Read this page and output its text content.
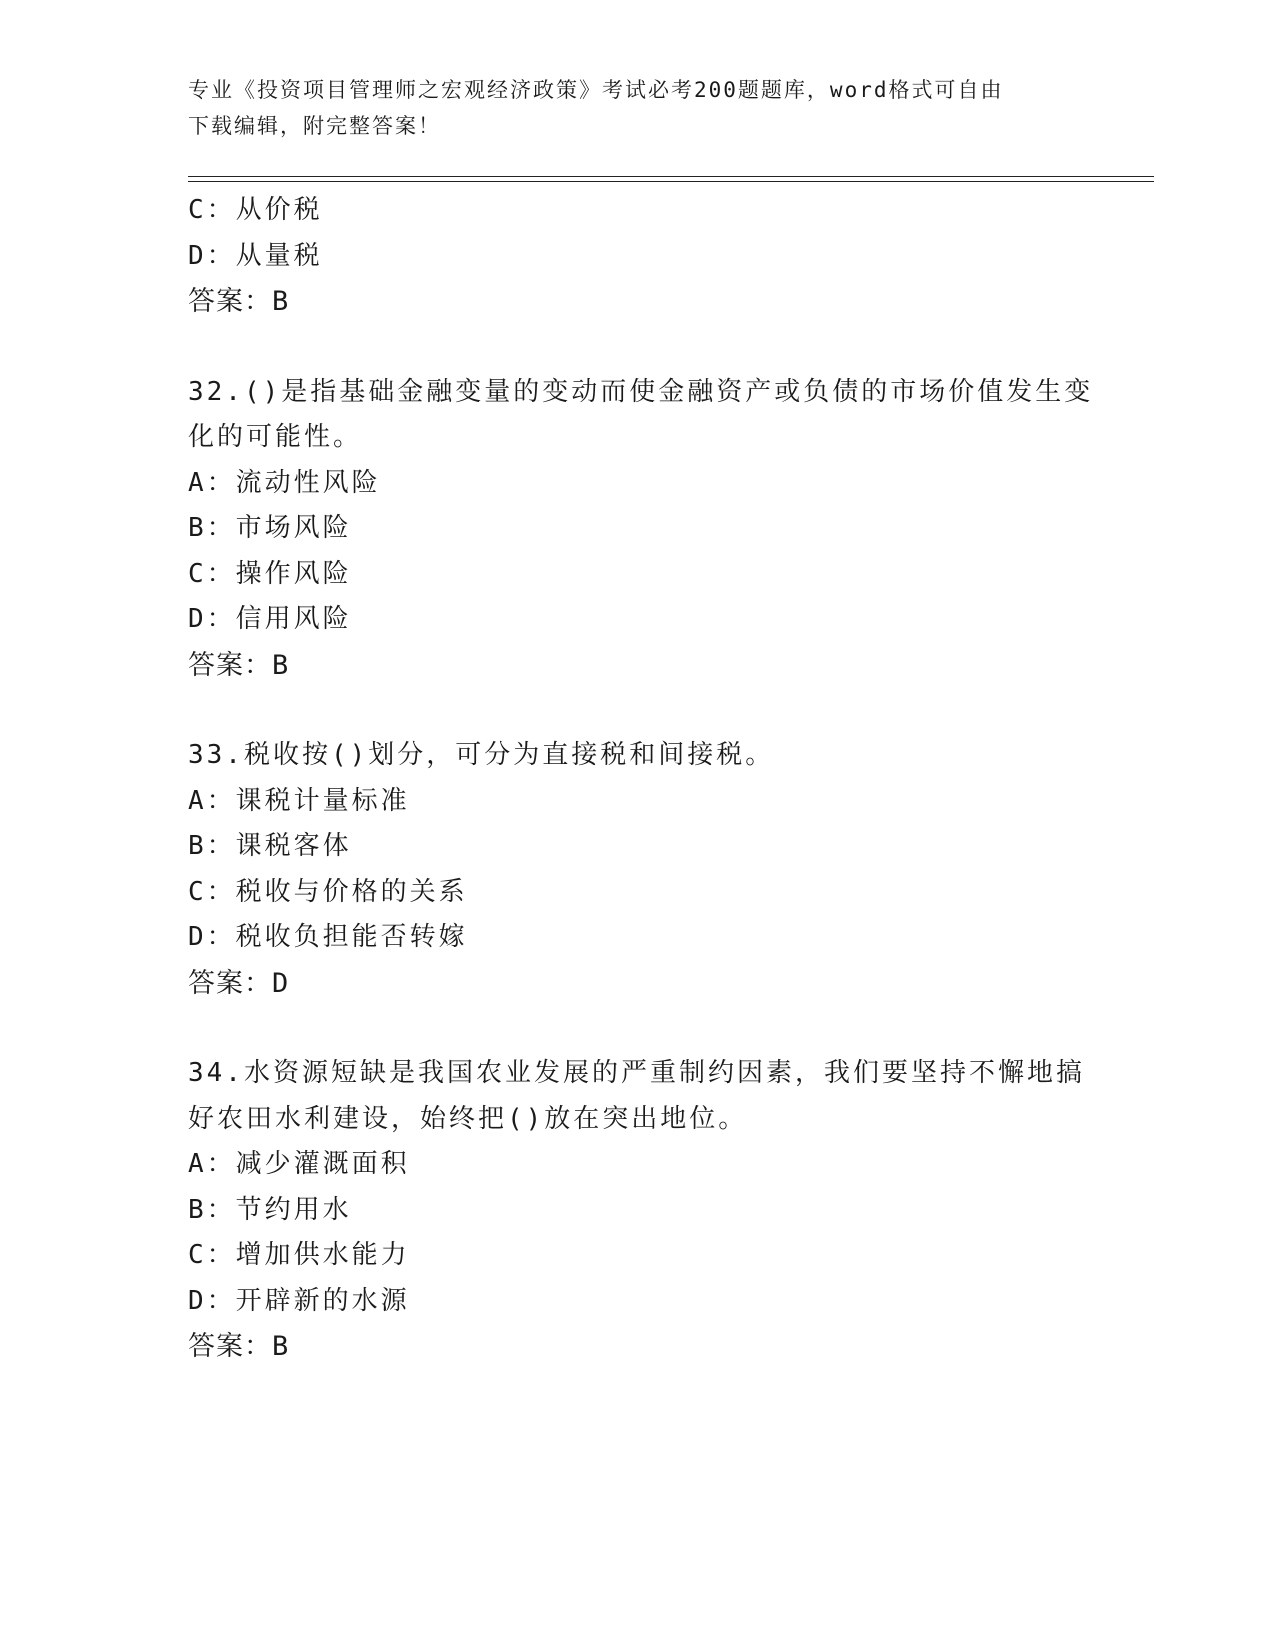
专业《投资项目管理师之宏观经济政策》考试必考200题题库，word格式可自由
下载编辑，附完整答案！
C：从价税
D：从量税
答案：B
32.()是指基础金融变量的变动而使金融资产或负债的市场价值发生变
化的可能性。
A：流动性风险
B：市场风险
C：操作风险
D：信用风险
答案：B
33.税收按()划分，可分为直接税和间接税。
A：课税计量标准
B：课税客体
C：税收与价格的关系
D：税收负担能否转嫁
答案：D
34.水资源短缺是我国农业发展的严重制约因素，我们要坚持不懈地搞
好农田水利建设，始终把()放在突出地位。
A：减少灌溉面积
B：节约用水
C：增加供水能力
D：开辟新的水源
答案：B
